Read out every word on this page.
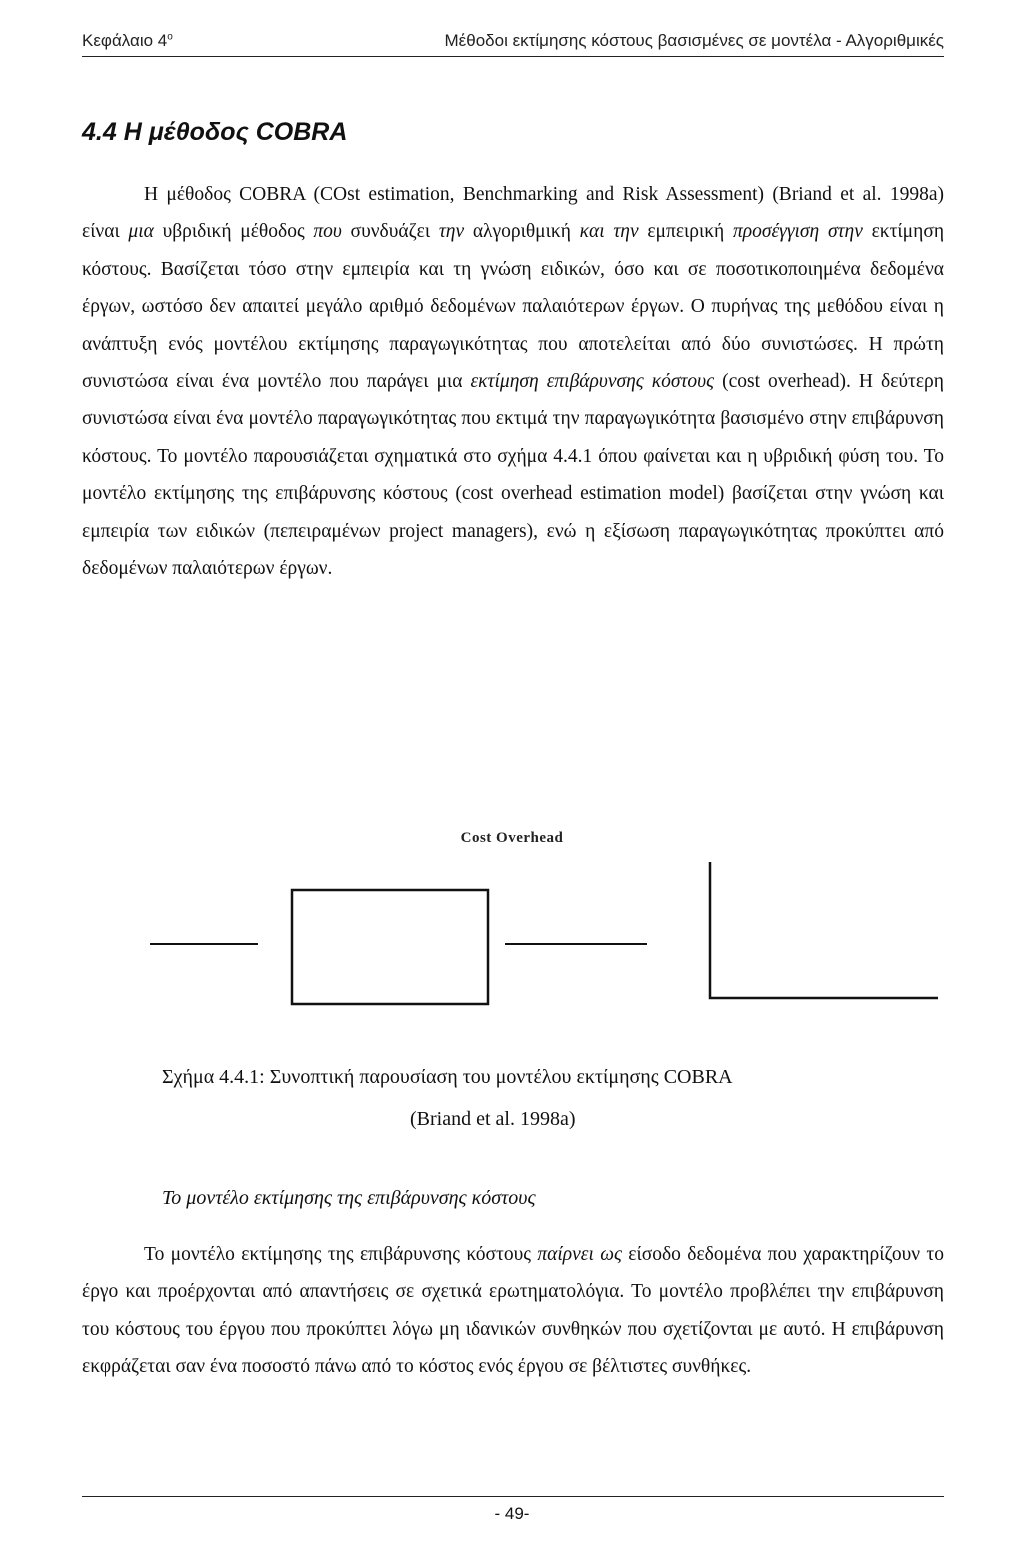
Κεφάλαιο $4^o$	Μέθοδοι εκτίμησης κόστους βασισμένες σε μοντέλα - Αλγοριθμικές
4.4 Η μέθοδος COBRA

Η μέθοδος COBRA (COst estimation, Benchmarking and Risk Assessment) (Briand et al. 1998a) είναι μια υβριδική μέθοδος που συνδυάζει την αλγοριθμική και την εμπειρική προσέγγιση στην εκτίμηση κόστους. Βασίζεται τόσο στην εμπειρία και τη γνώση ειδικών, όσο και σε ποσοτικοποιημένα δεδομένα έργων, ωστόσο δεν απαιτεί μεγάλο αριθμό δεδομένων παλαιότερων έργων. Ο πυρήνας της μεθόδου είναι η ανάπτυξη ενός μοντέλου εκτίμησης παραγωγικότητας που αποτελείται από δύο συνιστώσες. Η πρώτη συνιστώσα είναι ένα μοντέλο που παράγει μια εκτίμηση επιβάρυνσης κόστους (cost overhead). Η δεύτερη συνιστώσα είναι ένα μοντέλο παραγωγικότητας που εκτιμά την παραγωγικότητα βασισμένο στην επιβάρυνση κόστους. Το μοντέλο παρουσιάζεται σχηματικά στο σχήμα 4.4.1 όπου φαίνεται και η υβριδική φύση του. Το μοντέλο εκτίμησης της επιβάρυνσης κόστους (cost overhead estimation model) βασίζεται στην γνώση και εμπειρία των ειδικών (πεπειραμένων project managers), ενώ η εξίσωση παραγωγικότητας προκύπτει από δεδομένων παλαιότερων έργων.

Cost Overhead
Σχήμα 4.4.1: Συνοπτική παρουσίαση του μοντέλου εκτίμησης COBRA
(Briand et al. 1998a)
Το μοντέλο εκτίμησης της επιβάρυνσης κόστους

Το μοντέλο εκτίμησης της επιβάρυνσης κόστους παίρνει ως είσοδο δεδομένα που χαρακτηρίζουν το έργο και προέρχονται από απαντήσεις σε σχετικά ερωτηματολόγια. Το μοντέλο προβλέπει την επιβάρυνση του κόστους του έργου που προκύπτει λόγω μη ιδανικών συνθηκών που σχετίζονται με αυτό. Η επιβάρυνση εκφράζεται σαν ένα ποσοστό πάνω από το κόστος ενός έργου σε βέλτιστες συνθήκες.

- 49-
